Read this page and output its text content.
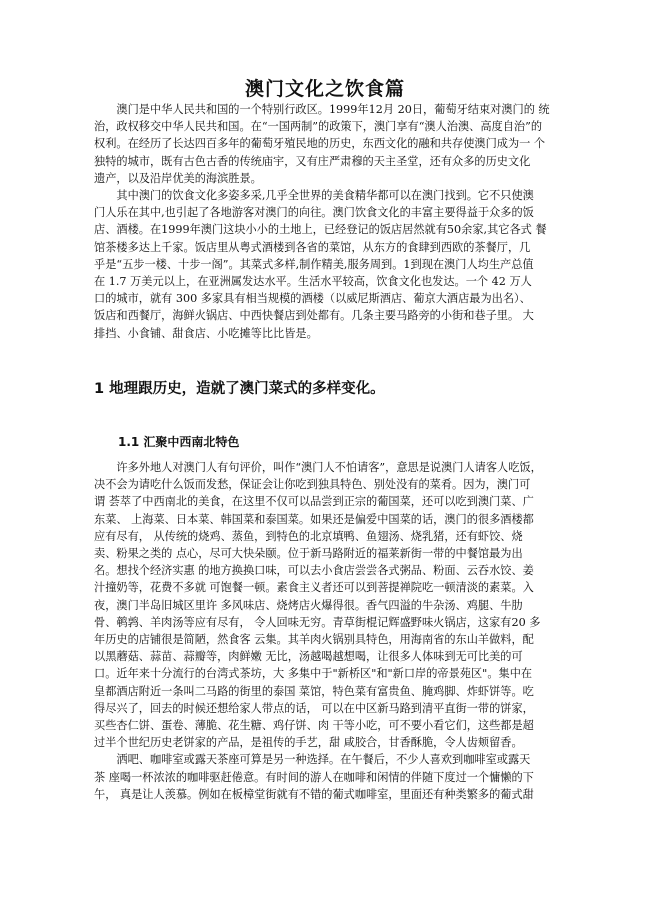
澳门文化之饮食篇
　　澳门是中华人民共和国的一个特别行政区。1999年12月 20日，葡萄牙结束对澳门的 统
治，政权移交中华人民共和国。在“一国两制”的政策下，澳门享有“澳人治澳、高度自治”的
权利。在经历了长达四百多年的葡萄牙殖民地的历史，东西文化的融和共存使澳门成为一 个
独特的城市，既有古色古香的传统庙宇，又有庄严肃穆的天主圣堂，还有众多的历史文化
遗产，以及沿岸优美的海滨胜景。
　　其中澳门的饮食文化多姿多采,几乎全世界的美食精华都可以在澳门找到。它不只使澳
门人乐在其中,也引起了各地游客对澳门的向往。澳门饮食文化的丰富主要得益于众多的饭
店、酒楼。在1999年澳门这块小小的土地上，已经登记的饭店居然就有50余家,其它各式 餐
馆茶楼多达上千家。饭店里从粤式酒楼到各省的菜馆，从东方的食肆到西欧的茶餐厅，几
乎是“五步一楼、十步一阁”。其菜式多样,制作精美,服务周到。1到现在澳门人均生产总值
在 1.7 万美元以上，在亚洲属发达水平。生活水平较高，饮食文化也发达。一个 42 万人
口的城市，就有 300 多家具有相当规模的酒楼（以威尼斯酒店、葡京大酒店最为出名）、
饭店和西餐厅，海鲜火锅店、中西快餐店到处都有。几条主要马路旁的小街和巷子里。 大
排挡、小食铺、甜食店、小吃摊等比比皆是。
1 地理跟历史，造就了澳门菜式的多样变化。
1.1 汇聚中西南北特色
　　许多外地人对澳门人有句评价，叫作“澳门人不怕请客”，意思是说澳门人请客人吃饭，
决不会为请吃什么饭而发愁，保证会让你吃到独具特色、别处没有的菜肴。因为，澳门可
谓 荟萃了中西南北的美食，在这里不仅可以品尝到正宗的葡国菜，还可以吃到澳门菜、广
东菜、 上海菜、日本菜、韩国菜和泰国菜。如果还是偏爱中国菜的话，澳门的很多酒楼都
应有尽有， 从传统的烧鸡、蒸鱼，到特色的北京填鸭、鱼翅汤、烧乳猪，还有虾饺、烧
卖、粉果之类的 点心，尽可大快朵颐。位于新马路附近的福莱新街一带的中餐馆最为出
名。想找个经济实惠 的地方换换口味，可以去小食店尝尝各式粥品、粉面、云吞水饺、姜
汁撞奶等，花费不多就 可饱餐一顿。素食主义者还可以到菩提禅院吃一顿清淡的素菜。入
夜，澳门半岛旧城区里许 多风味店、烧烤店火爆得很。香气四溢的牛杂汤、鸡腿、牛肋
骨、鹌鹑、羊肉汤等应有尽有， 令人回味无穷。青草街棍记辉盛野味火锅店，这家有20 多
年历史的店铺很是简陋，然食客 云集。其羊肉火锅别具特色，用海南省的东山羊做料，配
以黑蘑菇、蒜苗、蒜瓣等，肉鲜嫩 无比，汤越喝越想喝，让很多人体味到无可比美的可
口。近年来十分流行的台湾式茶坊，大 多集中于"新桥区"和"新口岸的帝景苑区"。集中在
皇都酒店附近一条叫二马路的街里的泰国 菜馆，特色菜有富贵鱼、腌鸡脚、炸虾饼等。吃
得尽兴了，回去的时候还想给家人带点的话， 可以在中区新马路到清平直街一带的饼家，
买些杏仁饼、蛋卷、薄脆、花生糖、鸡仔饼、肉 干等小吃，可不要小看它们，这些都是超
过半个世纪历史老饼家的产品，是祖传的手艺，甜 咸胶合，甘香酥脆，令人齿颊留香。
　　洒吧、咖啡室或露天茶座可算是另一种选择。在午餐后，不少人喜欢到咖啡室或露天
茶 座喝一杯浓浓的咖啡驱赶倦意。有时间的游人在咖啡和闲情的伴随下度过一个慵懒的下
午， 真是让人羡慕。例如在板樟堂街就有不错的葡式咖啡室，里面还有种类繁多的葡式甜
